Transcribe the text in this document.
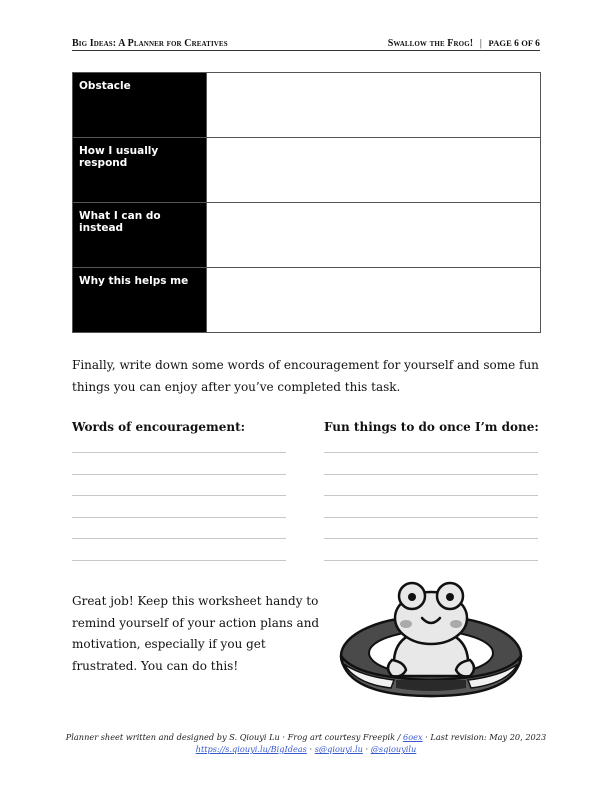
Big Ideas: A Planner for Creatives	Swallow the Frog! | PAGE 6 OF 6
Obstacle	
How I usually respond	
What I can do instead	
Why this helps me	
Finally, write down some words of encouragement for yourself and some fun things you can enjoy after you’ve completed this task.
Words of encouragement:	Fun things to do once I’m done:
Great job! Keep this worksheet handy to remind yourself of your action plans and motivation, especially if you get frustrated. You can do this!
Planner sheet written and designed by S. Qiouyi Lu · Frog art courtesy Freepik / 6oex · Last revision: May 20, 2023
https://s.qiouyi.lu/BigIdeas · s@qiouyi.lu · @sqiouyilu
